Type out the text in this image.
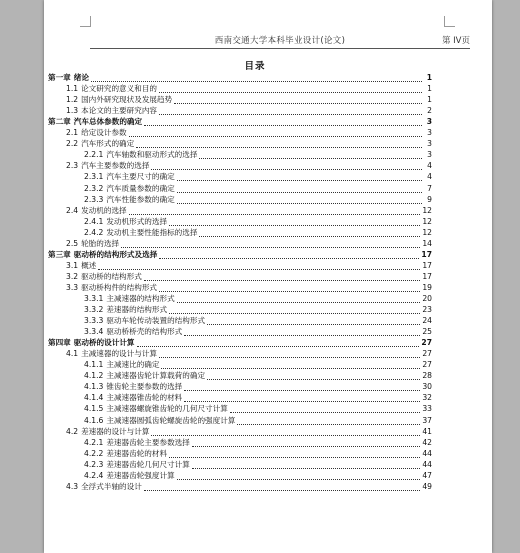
西南交通大学本科毕业设计(论文)	第 IV页
目录
第一章 绪论	1
1.1 论文研究的意义和目的	1
1.2 国内外研究现状及发展趋势	1
1.3 本论文的主要研究内容	2
第二章 汽车总体参数的确定	3
2.1 给定设计参数	3
2.2 汽车形式的确定	3
2.2.1 汽车轴数和驱动形式的选择	3
2.3 汽车主要参数的选择	4
2.3.1 汽车主要尺寸的确定	4
2.3.2 汽车质量参数的确定	7
2.3.3 汽车性能参数的确定	9
2.4 发动机的选择	12
2.4.1 发动机形式的选择	12
2.4.2 发动机主要性能指标的选择	12
2.5 轮胎的选择	14
第三章 驱动桥的结构形式及选择	17
3.1 概述	17
3.2 驱动桥的结构形式	17
3.3 驱动桥构件的结构形式	19
3.3.1 主减速器的结构形式	20
3.3.2 差速器的结构形式	23
3.3.3 驱动车轮传动装置的结构形式	24
3.3.4 驱动桥桥壳的结构形式	25
第四章 驱动桥的设计计算	27
4.1 主减速器的设计与计算	27
4.1.1 主减速比的确定	27
4.1.2 主减速器齿轮计算载荷的确定	28
4.1.3 锥齿轮主要参数的选择	30
4.1.4 主减速器锥齿轮的材料	32
4.1.5 主减速器螺旋锥齿轮的几何尺寸计算	33
4.1.6 主减速器圆弧齿轮螺旋齿轮的强度计算	37
4.2 差速器的设计与计算	41
4.2.1 差速器齿轮主要参数选择	42
4.2.2 差速器齿轮的材料	44
4.2.3 差速器齿轮几何尺寸计算	44
4.2.4 差速器齿轮强度计算	47
4.3 全浮式半轴的设计	49
